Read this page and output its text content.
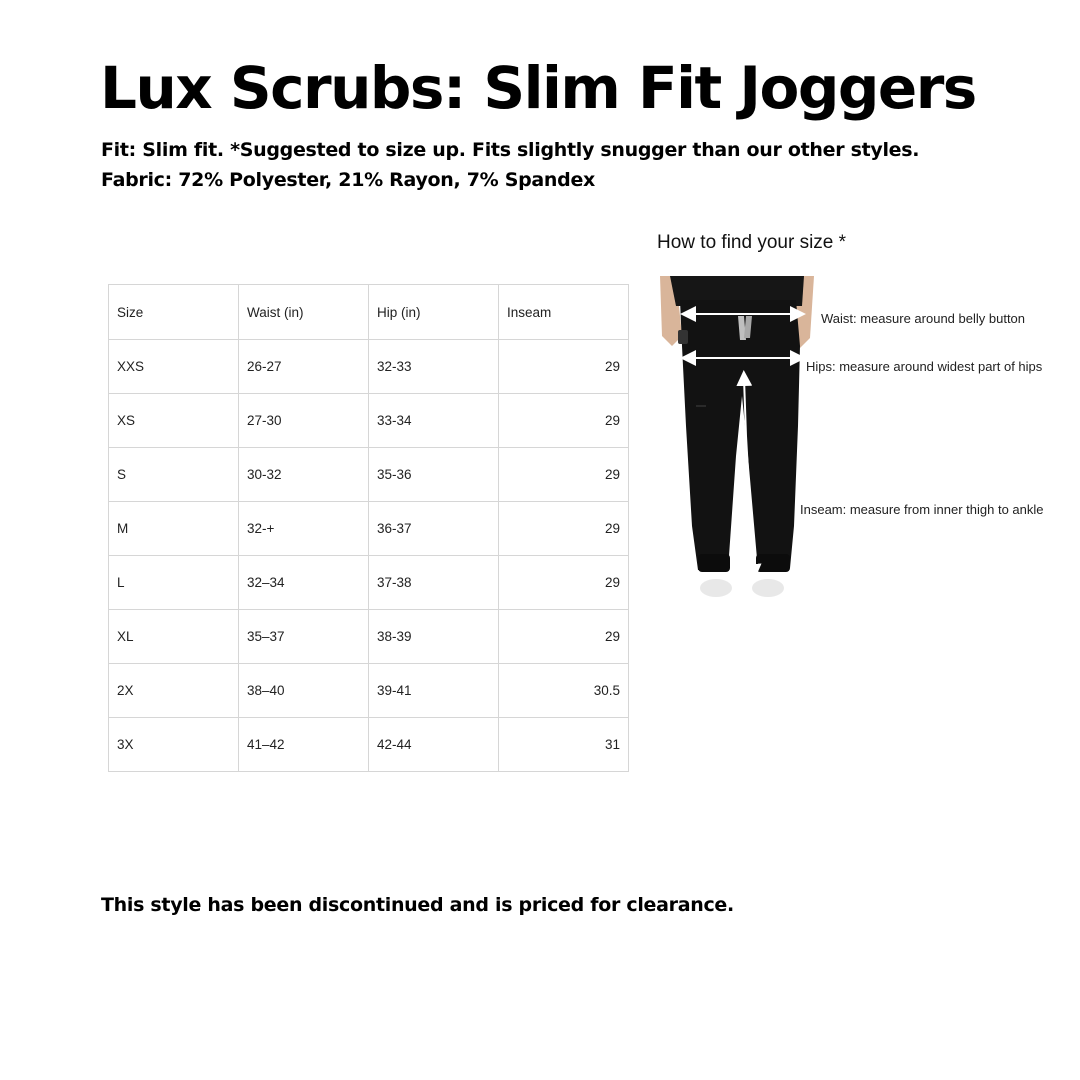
Lux Scrubs: Slim Fit Joggers

Fit: Slim fit. *Suggested to size up. Fits slightly snugger than our other styles.

Fabric: 72% Polyester, 21% Rayon, 7% Spandex

Size	Waist (in)	Hip (in)	Inseam
XXS	26-27	32-33	29
XS	27-30	33-34	29
S	30-32	35-36	29
M	32-+	36-37	29
L	32–34	37-38	29
XL	35–37	38-39	29
2X	38–40	39-41	30.5
3X	41–42	42-44	31

How to find your size *

Waist: measure around belly button

Hips: measure around widest part of hips

Inseam: measure from inner thigh to ankle

This style has been discontinued and is priced for clearance.
